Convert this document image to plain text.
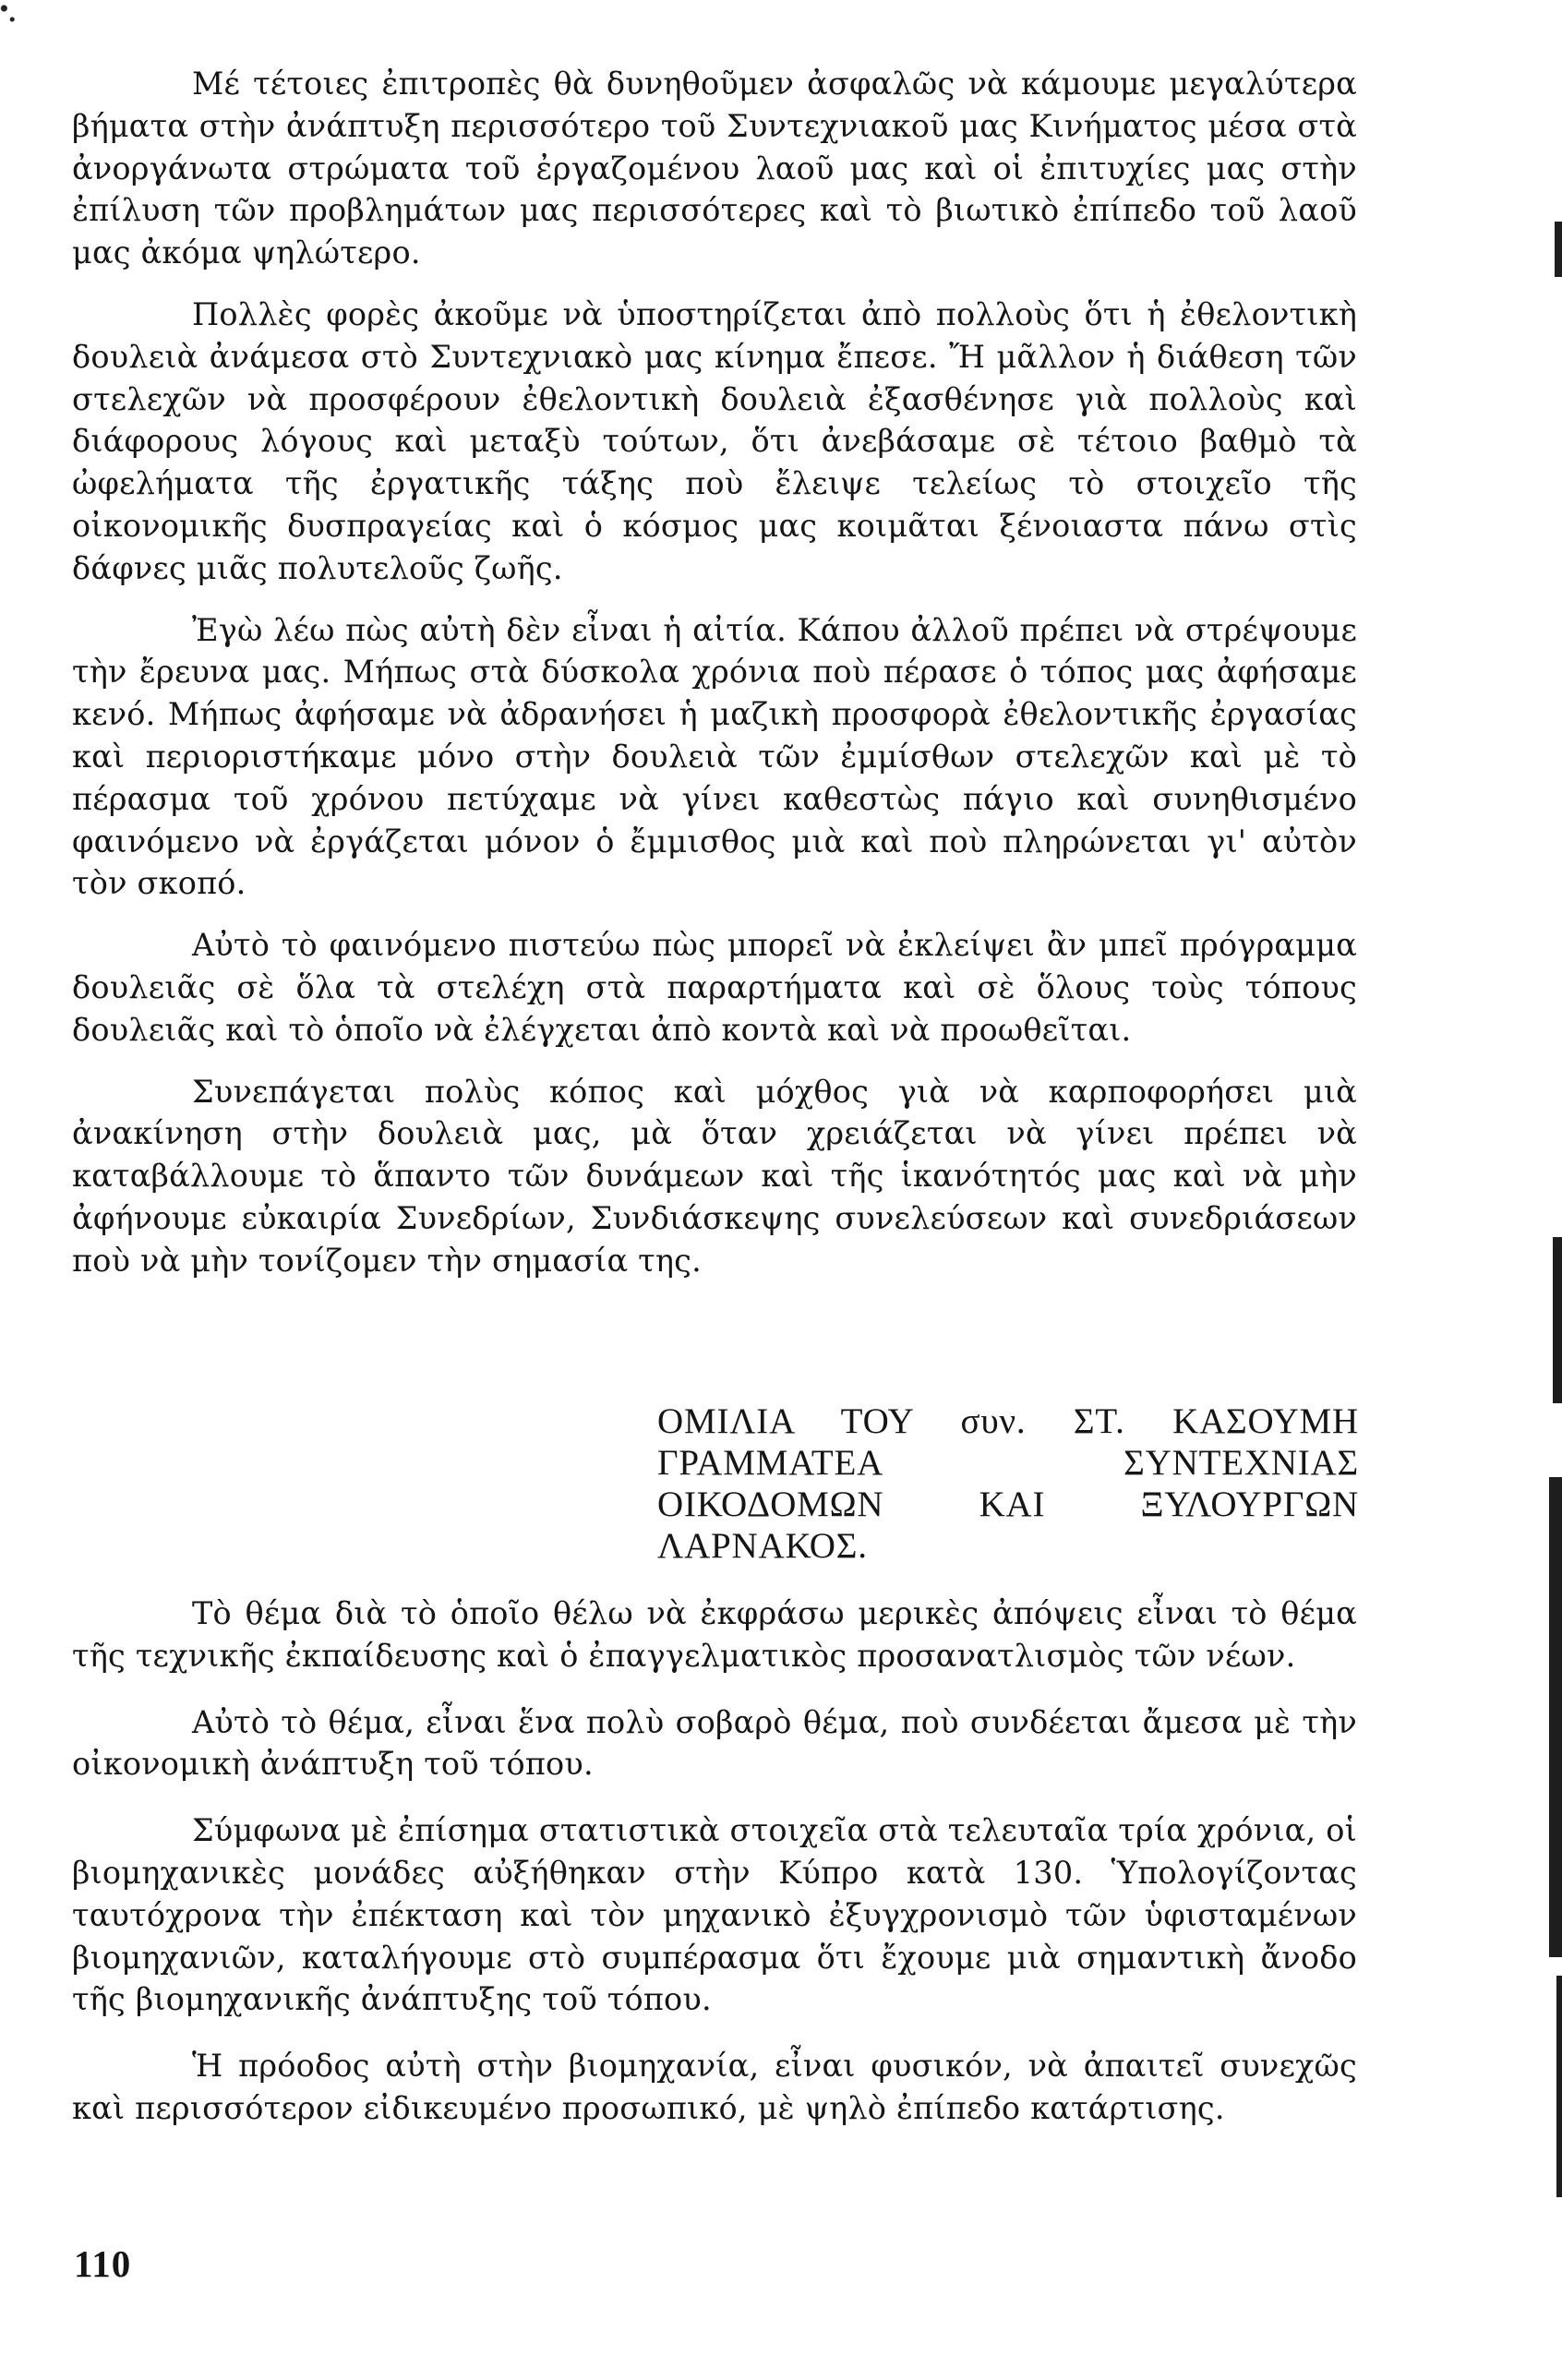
Μέ τέτοιες ἐπιτροπὲς θὰ δυνηθοῦμεν ἀσφαλῶς νὰ κάμουμε μεγαλύτερα βήματα στὴν ἀνάπτυξη περισσότερο τοῦ Συντεχνιακοῦ μας Κινήματος μέσα στὰ ἀνοργάνωτα στρώματα τοῦ ἐργαζομένου λαοῦ μας καὶ οἱ ἐπιτυχίες μας στὴν ἐπίλυση τῶν προβλημάτων μας περισσότερες καὶ τὸ βιωτικὸ ἐπίπεδο τοῦ λαοῦ μας ἀκόμα ψηλώτερο.

Πολλὲς φορὲς ἀκοῦμε νὰ ὑποστηρίζεται ἀπὸ πολλοὺς ὅτι ἡ ἐθελοντικὴ δουλειὰ ἀνάμεσα στὸ Συντεχνιακὸ μας κίνημα ἔπεσε. Ἤ μᾶλλον ἡ διάθεση τῶν στελεχῶν νὰ προσφέρουν ἐθελοντικὴ δουλειὰ ἐξασθένησε γιὰ πολλοὺς καὶ διάφορους λόγους καὶ μεταξὺ τούτων, ὅτι ἀνεβάσαμε σὲ τέτοιο βαθμὸ τὰ ὠφελήματα τῆς ἐργατικῆς τάξης ποὺ ἔλειψε τελείως τὸ στοιχεῖο τῆς οἰκονομικῆς δυσπραγείας καὶ ὁ κόσμος μας κοιμᾶται ξένοιαστα πάνω στὶς δάφνες μιᾶς πολυτελοῦς ζωῆς.

Ἐγὼ λέω πὼς αὐτὴ δὲν εἶναι ἡ αἰτία. Κάπου ἀλλοῦ πρέπει νὰ στρέψουμε τὴν ἔρευνα μας. Μήπως στὰ δύσκολα χρόνια ποὺ πέρασε ὁ τόπος μας ἀφήσαμε κενό. Μήπως ἀφήσαμε νὰ ἀδρανήσει ἡ μαζικὴ προσφορὰ ἐθελοντικῆς ἐργασίας καὶ περιοριστήκαμε μόνο στὴν δουλειὰ τῶν ἐμμίσθων στελεχῶν καὶ μὲ τὸ πέρασμα τοῦ χρόνου πετύχαμε νὰ γίνει καθεστὼς πάγιο καὶ συνηθισμένο φαινόμενο νὰ ἐργάζεται μόνον ὁ ἔμμισθος μιὰ καὶ ποὺ πληρώνεται γι' αὐτὸν τὸν σκοπό.

Αὐτὸ τὸ φαινόμενο πιστεύω πὼς μπορεῖ νὰ ἐκλείψει ἂν μπεῖ πρόγραμμα δουλειᾶς σὲ ὅλα τὰ στελέχη στὰ παραρτήματα καὶ σὲ ὅλους τοὺς τόπους δουλειᾶς καὶ τὸ ὁποῖο νὰ ἐλέγχεται ἀπὸ κοντὰ καὶ νὰ προωθεῖται.

Συνεπάγεται πολὺς κόπος καὶ μόχθος γιὰ νὰ καρποφορήσει μιὰ ἀνακίνηση στὴν δουλειὰ μας, μὰ ὅταν χρειάζεται νὰ γίνει πρέπει νὰ καταβάλλουμε τὸ ἅπαντο τῶν δυνάμεων καὶ τῆς ἱκανότητός μας καὶ νὰ μὴν ἀφήνουμε εὐκαιρία Συνεδρίων, Συνδιάσκεψης συνελεύσεων καὶ συνεδριάσεων ποὺ νὰ μὴν τονίζομεν τὴν σημασία της.

ΟΜΙΛΙΑ ΤΟΥ συν. ΣΤ. ΚΑΣΟΥΜΗ ΓΡΑΜΜΑΤΕΑ ΣΥΝΤΕΧΝΙΑΣ ΟΙΚΟΔΟΜΩΝ ΚΑΙ ΞΥΛΟΥΡΓΩΝ ΛΑΡΝΑΚΟΣ.

Τὸ θέμα διὰ τὸ ὁποῖο θέλω νὰ ἐκφράσω μερικὲς ἀπόψεις εἶναι τὸ θέμα τῆς τεχνικῆς ἐκπαίδευσης καὶ ὁ ἐπαγγελματικὸς προσανατλισμὸς τῶν νέων.

Αὐτὸ τὸ θέμα, εἶναι ἕνα πολὺ σοβαρὸ θέμα, ποὺ συνδέεται ἄμεσα μὲ τὴν οἰκονομικὴ ἀνάπτυξη τοῦ τόπου.

Σύμφωνα μὲ ἐπίσημα στατιστικὰ στοιχεῖα στὰ τελευταῖα τρία χρόνια, οἱ βιομηχανικὲς μονάδες αὐξήθηκαν στὴν Κύπρο κατὰ 130. Ὑπολογίζοντας ταυτόχρονα τὴν ἐπέκταση καὶ τὸν μηχανικὸ ἐξυγχρονισμὸ τῶν ὑφισταμένων βιομηχανιῶν, καταλήγουμε στὸ συμπέρασμα ὅτι ἔχουμε μιὰ σημαντικὴ ἄνοδο τῆς βιομηχανικῆς ἀνάπτυξης τοῦ τόπου.

Ἡ πρόοδος αὐτὴ στὴν βιομηχανία, εἶναι φυσικόν, νὰ ἀπαιτεῖ συνεχῶς καὶ περισσότερον εἰδικευμένο προσωπικό, μὲ ψηλὸ ἐπίπεδο κατάρτισης.

110
